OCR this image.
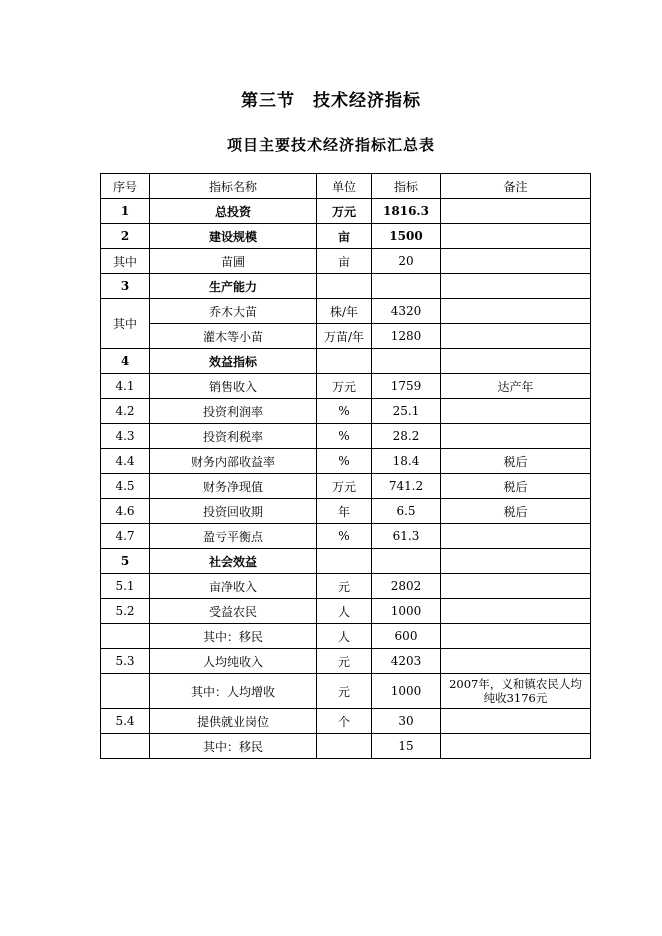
第三节　技术经济指标
项目主要技术经济指标汇总表
序号	指标名称	单位	指标	备注
1	总投资	万元	1816.3	
2	建设规模	亩	1500	
其中	苗圃	亩	20	
3	生产能力			
其中	乔木大苗	株/年	4320	
	灌木等小苗	万苗/年	1280	
4	效益指标			
4.1	销售收入	万元	1759	达产年
4.2	投资利润率	%	25.1	
4.3	投资利税率	%	28.2	
4.4	财务内部收益率	%	18.4	税后
4.5	财务净现值	万元	741.2	税后
4.6	投资回收期	年	6.5	税后
4.7	盈亏平衡点	%	61.3	
5	社会效益			
5.1	亩净收入	元	2802	
5.2	受益农民	人	1000	
	其中：移民	人	600	
5.3	人均纯收入	元	4203	
	其中：人均增收	元	1000	2007年，义和镇农民人均纯收3176元
5.4	提供就业岗位	个	30	
	其中：移民		15	
